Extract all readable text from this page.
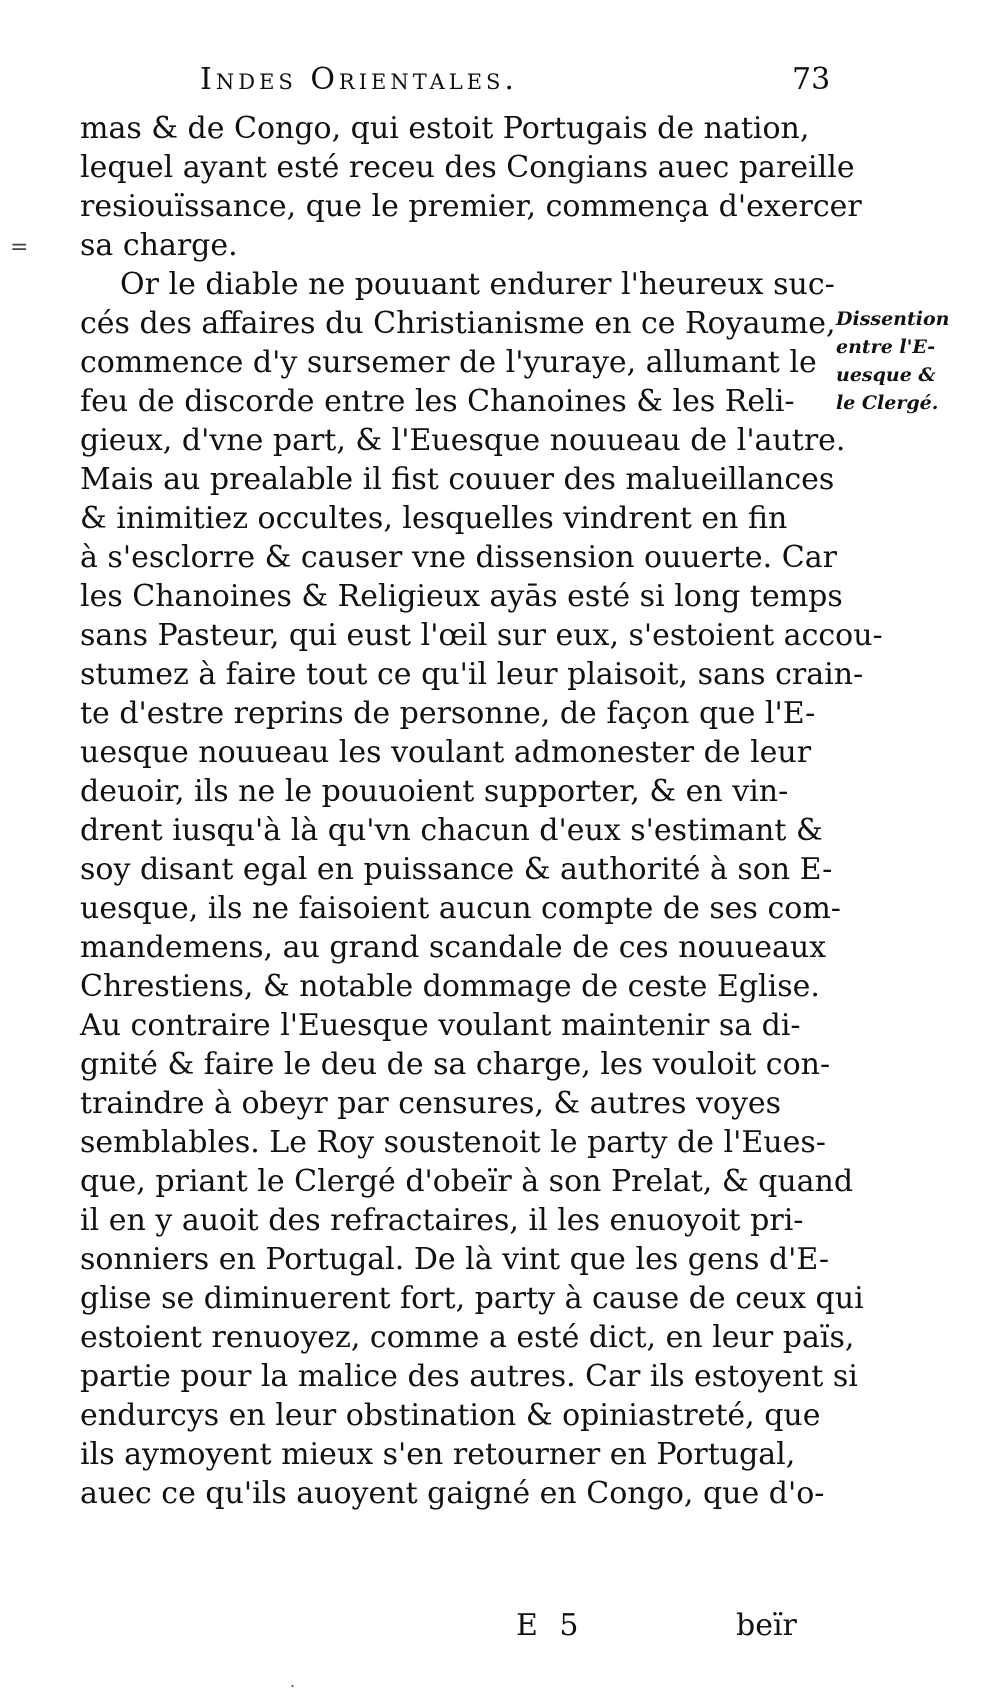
Indes Orientales.	73
=
mas & de Congo, qui estoit Portugais de nation,
lequel ayant esté receu des Congians auec pareille
resiouïssance, que le premier, commença d'exercer
sa charge.
Or le diable ne pouuant endurer l'heureux suc-
cés des affaires du Christianisme en ce Royaume,
commence d'y sursemer de l'yuraye, allumant le
feu de discorde entre les Chanoines & les Reli-
gieux, d'vne part, & l'Euesque nouueau de l'autre.
Mais au prealable il fist couuer des malueillances
& inimitiez occultes, lesquelles vindrent en fin
à s'esclorre & causer vne dissension ouuerte. Car
les Chanoines & Religieux ayās esté si long temps
sans Pasteur, qui eust l'œil sur eux, s'estoient accou-
stumez à faire tout ce qu'il leur plaisoit, sans crain-
te d'estre reprins de personne, de façon que l'E-
uesque nouueau les voulant admonester de leur
deuoir, ils ne le pouuoient supporter, & en vin-
drent iusqu'à là qu'vn chacun d'eux s'estimant &
soy disant egal en puissance & authorité à son E-
uesque, ils ne faisoient aucun compte de ses com-
mandemens, au grand scandale de ces nouueaux
Chrestiens, & notable dommage de ceste Eglise.
Au contraire l'Euesque voulant maintenir sa di-
gnité & faire le deu de sa charge, les vouloit con-
traindre à obeyr par censures, & autres voyes
semblables. Le Roy soustenoit le party de l'Eues-
que, priant le Clergé d'obeïr à son Prelat, & quand
il en y auoit des refractaires, il les enuoyoit pri-
sonniers en Portugal. De là vint que les gens d'E-
glise se diminuerent fort, party à cause de ceux qui
estoient renuoyez, comme a esté dict, en leur païs,
partie pour la malice des autres. Car ils estoyent si
endurcys en leur obstination & opiniastreté, que
ils aymoyent mieux s'en retourner en Portugal,
auec ce qu'ils auoyent gaigné en Congo, que d'o-
Dissention
entre l'E-
uesque &
le Clergé.
E 5	beïr
.
